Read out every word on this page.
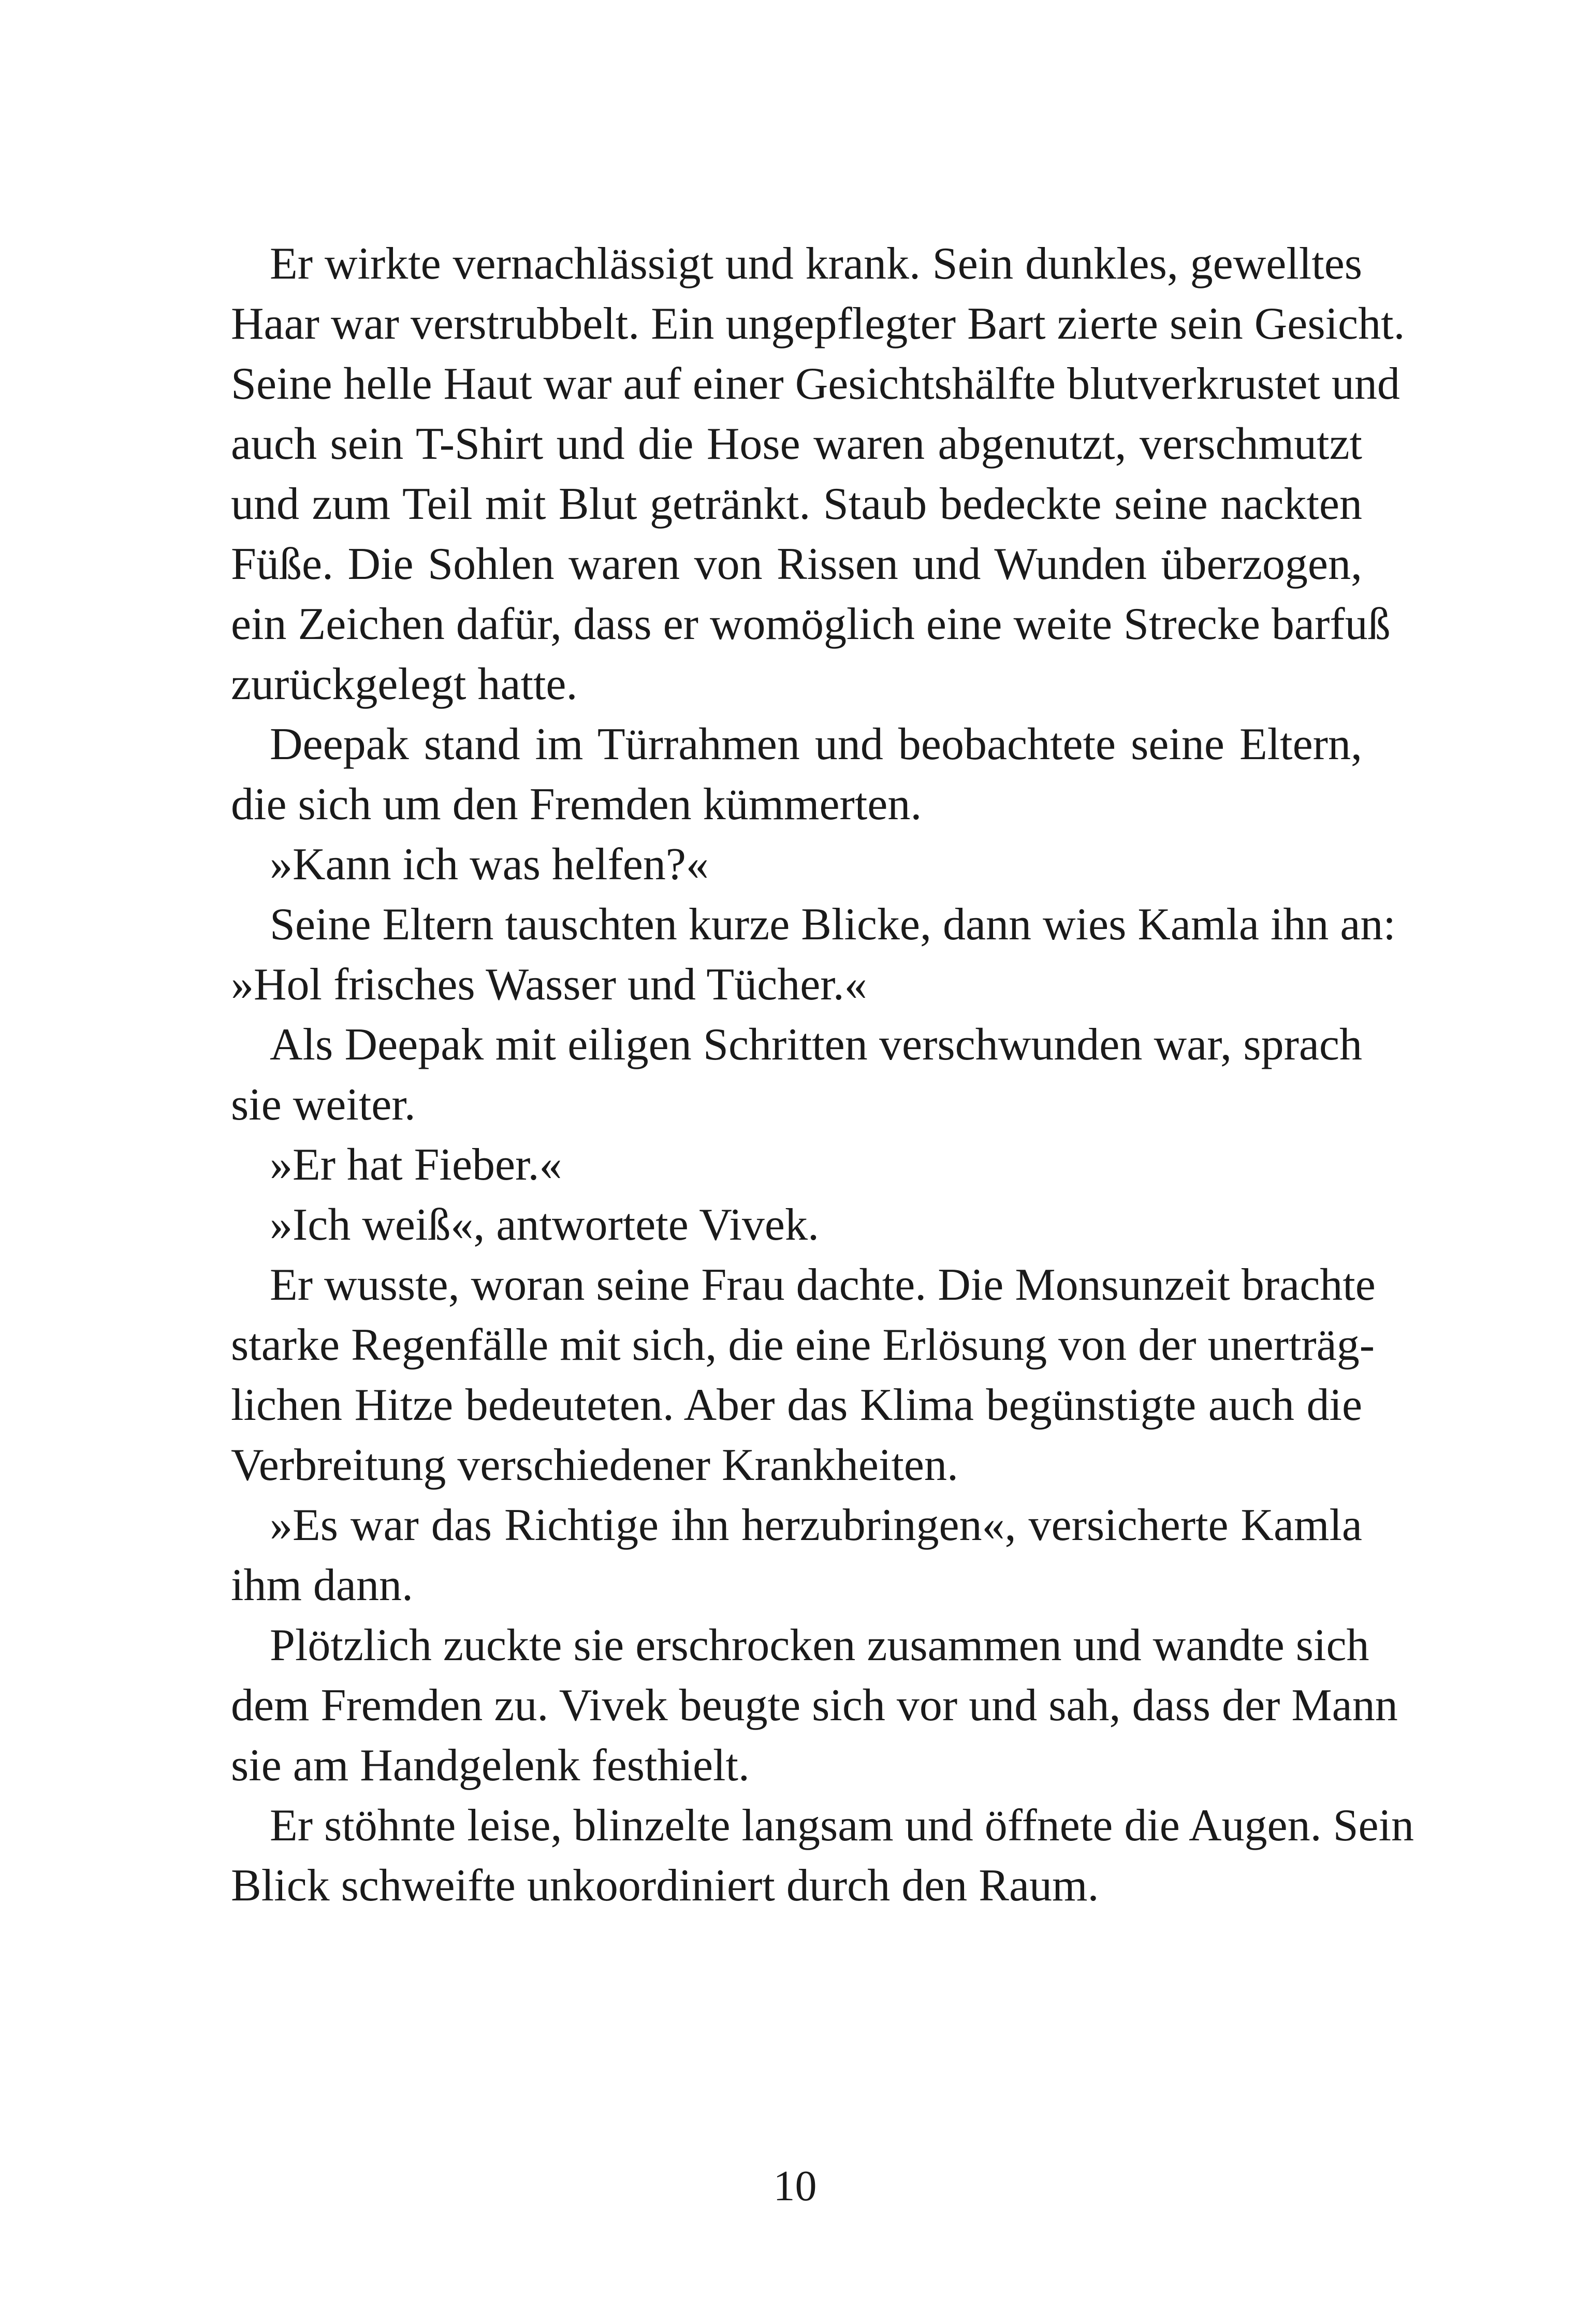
Er wirkte vernachlässigt und krank. Sein dunkles, gewelltes
Haar war verstrubbelt. Ein ungepflegter Bart zierte sein Gesicht.
Seine helle Haut war auf einer Gesichtshälfte blutverkrustet und
auch sein T-Shirt und die Hose waren abgenutzt, verschmutzt
und zum Teil mit Blut getränkt. Staub bedeckte seine nackten
Füße. Die Sohlen waren von Rissen und Wunden überzogen,
ein Zeichen dafür, dass er womöglich eine weite Strecke barfuß
zurückgelegt hatte.
Deepak stand im Türrahmen und beobachtete seine Eltern,
die sich um den Fremden kümmerten.
»Kann ich was helfen?«
Seine Eltern tauschten kurze Blicke, dann wies Kamla ihn an:
»Hol frisches Wasser und Tücher.«
Als Deepak mit eiligen Schritten verschwunden war, sprach
sie weiter.
»Er hat Fieber.«
»Ich weiß«, antwortete Vivek.
Er wusste, woran seine Frau dachte. Die Monsunzeit brachte
starke Regenfälle mit sich, die eine Erlösung von der unerträg-
lichen Hitze bedeuteten. Aber das Klima begünstigte auch die
Verbreitung verschiedener Krankheiten.
»Es war das Richtige ihn herzubringen«, versicherte Kamla
ihm dann.
Plötzlich zuckte sie erschrocken zusammen und wandte sich
dem Fremden zu. Vivek beugte sich vor und sah, dass der Mann
sie am Handgelenk festhielt.
Er stöhnte leise, blinzelte langsam und öffnete die Augen. Sein
Blick schweifte unkoordiniert durch den Raum.
10
